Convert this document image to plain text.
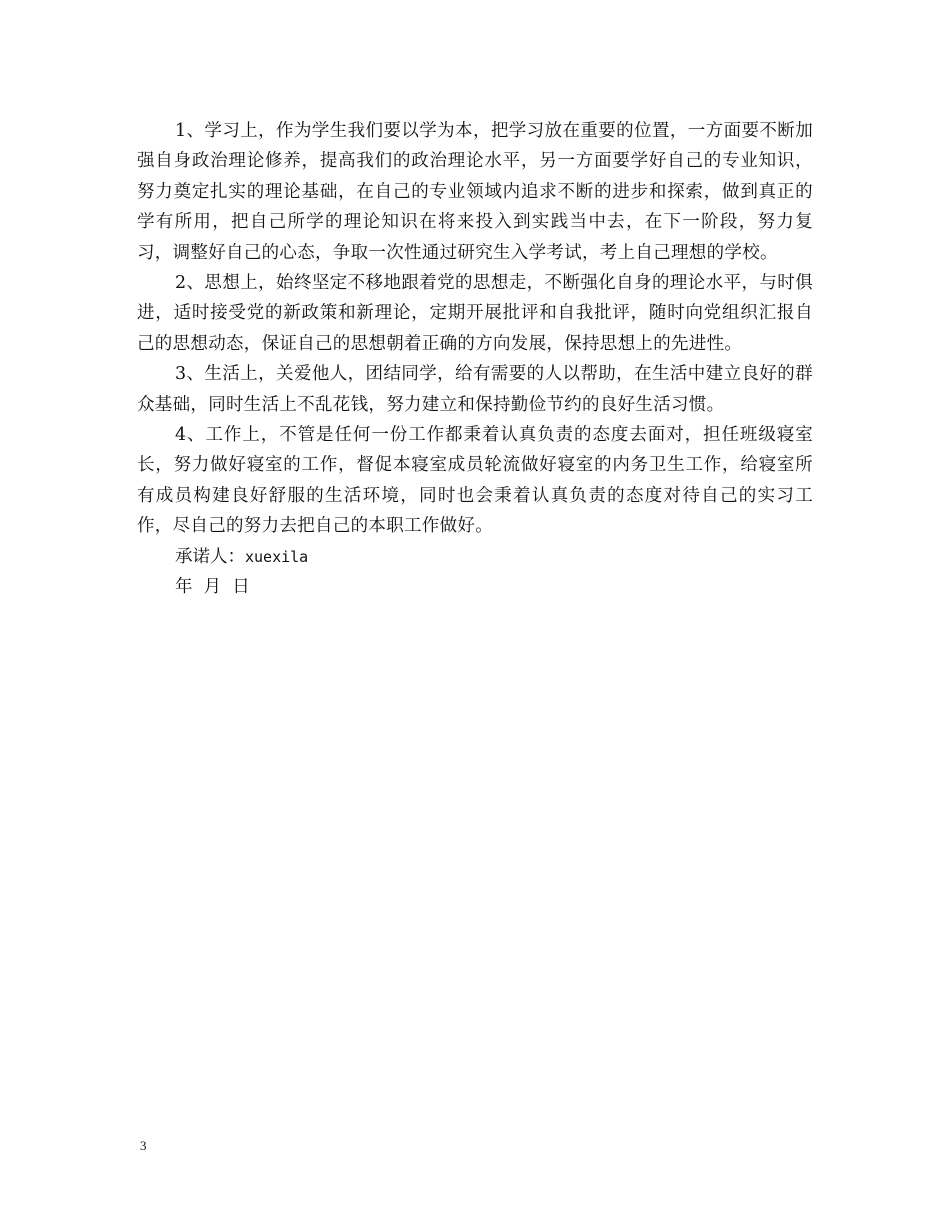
1、学习上，作为学生我们要以学为本，把学习放在重要的位置，一方面要不断加强自身政治理论修养，提高我们的政治理论水平，另一方面要学好自己的专业知识，努力奠定扎实的理论基础，在自己的专业领域内追求不断的进步和探索，做到真正的学有所用，把自己所学的理论知识在将来投入到实践当中去，在下一阶段，努力复习，调整好自己的心态，争取一次性通过研究生入学考试，考上自己理想的学校。

2、思想上，始终坚定不移地跟着党的思想走，不断强化自身的理论水平，与时俱进，适时接受党的新政策和新理论，定期开展批评和自我批评，随时向党组织汇报自己的思想动态，保证自己的思想朝着正确的方向发展，保持思想上的先进性。

3、生活上，关爱他人，团结同学，给有需要的人以帮助，在生活中建立良好的群众基础，同时生活上不乱花钱，努力建立和保持勤俭节约的良好生活习惯。

4、工作上，不管是任何一份工作都秉着认真负责的态度去面对，担任班级寝室长，努力做好寝室的工作，督促本寝室成员轮流做好寝室的内务卫生工作，给寝室所有成员构建良好舒服的生活环境，同时也会秉着认真负责的态度对待自己的实习工作，尽自己的努力去把自己的本职工作做好。

承诺人：xuexila

年  月  日

3
